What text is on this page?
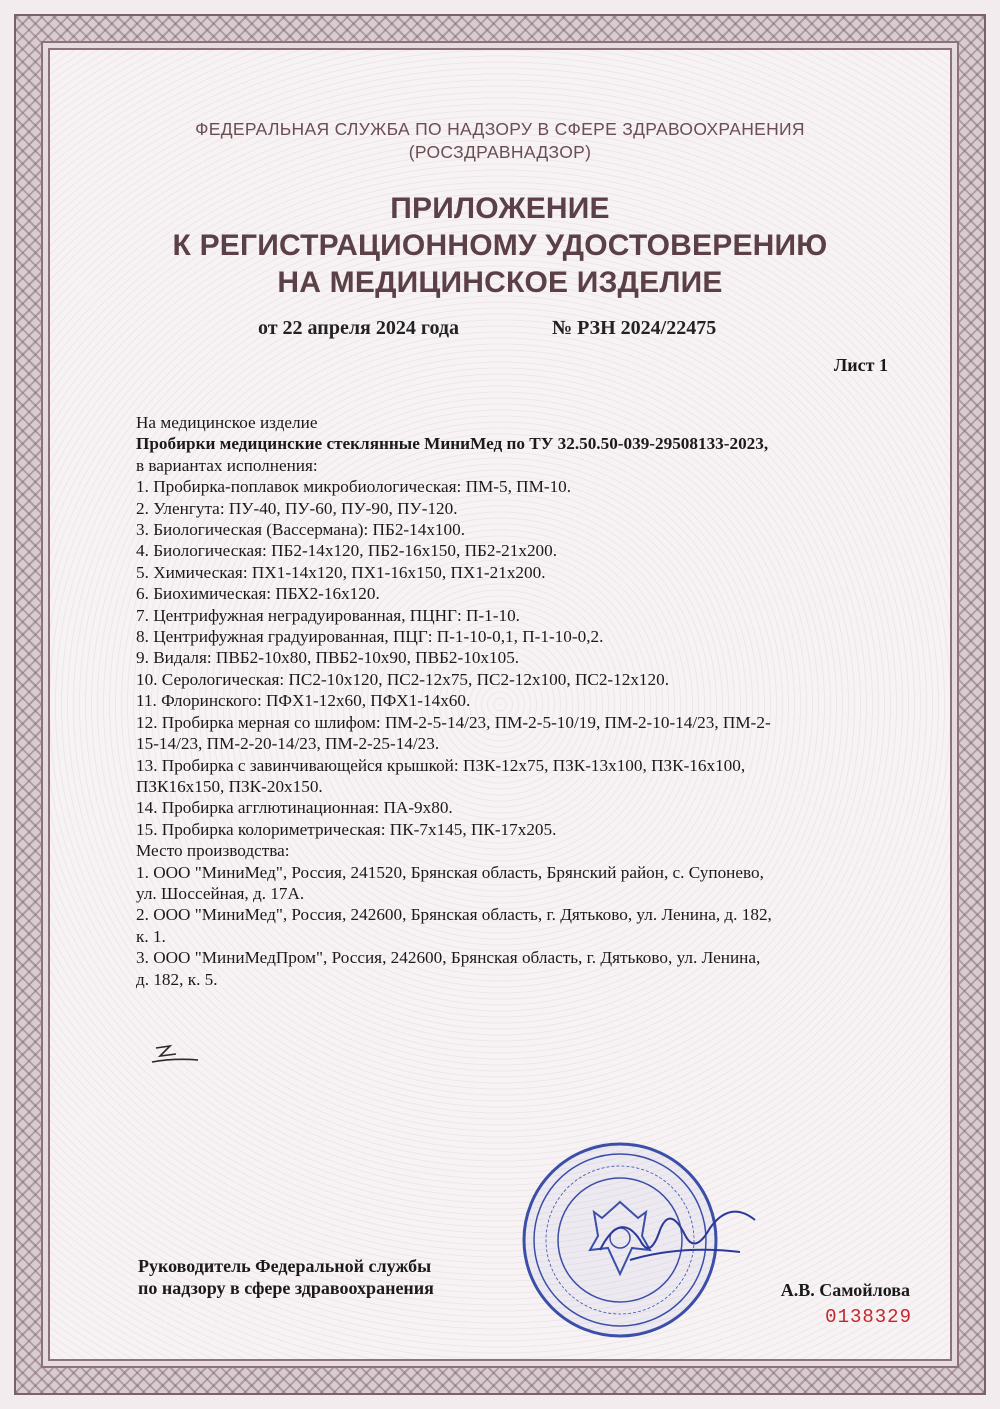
ФЕДЕРАЛЬНАЯ СЛУЖБА ПО НАДЗОРУ В СФЕРЕ ЗДРАВООХРАНЕНИЯ
(РОСЗДРАВНАДЗОР)
ПРИЛОЖЕНИЕ
К РЕГИСТРАЦИОННОМУ УДОСТОВЕРЕНИЮ
НА МЕДИЦИНСКОЕ ИЗДЕЛИЕ
от 22 апреля 2024 года	№ РЗН 2024/22475
Лист 1
На медицинское изделие
Пробирки медицинские стеклянные МиниМед по ТУ 32.50.50-039-29508133-2023,
в вариантах исполнения:
1. Пробирка-поплавок микробиологическая: ПМ-5, ПМ-10.
2. Уленгута: ПУ-40, ПУ-60, ПУ-90, ПУ-120.
3. Биологическая (Вассермана): ПБ2-14х100.
4. Биологическая: ПБ2-14х120, ПБ2-16х150, ПБ2-21х200.
5. Химическая: ПХ1-14х120, ПХ1-16х150, ПХ1-21х200.
6. Биохимическая: ПБХ2-16х120.
7. Центрифужная неградуированная, ПЦНГ: П-1-10.
8. Центрифужная градуированная, ПЦГ: П-1-10-0,1, П-1-10-0,2.
9. Видаля: ПВБ2-10х80, ПВБ2-10х90, ПВБ2-10х105.
10. Серологическая: ПС2-10х120, ПС2-12х75, ПС2-12х100, ПС2-12х120.
11. Флоринского: ПФХ1-12х60, ПФХ1-14х60.
12. Пробирка мерная со шлифом: ПМ-2-5-14/23, ПМ-2-5-10/19, ПМ-2-10-14/23, ПМ-2-
15-14/23, ПМ-2-20-14/23, ПМ-2-25-14/23.
13. Пробирка с завинчивающейся крышкой: ПЗК-12х75, ПЗК-13х100, ПЗК-16х100,
ПЗК16х150, ПЗК-20х150.
14. Пробирка агглютинационная: ПА-9х80.
15. Пробирка колориметрическая: ПК-7х145, ПК-17х205.
Место производства:
1. ООО "МиниМед", Россия, 241520, Брянская область, Брянский район, с. Супонево,
ул. Шоссейная, д. 17А.
2. ООО "МиниМед", Россия, 242600, Брянская область, г. Дятьково, ул. Ленина, д. 182,
к. 1.
3. ООО "МиниМедПром", Россия, 242600, Брянская область, г. Дятьково, ул. Ленина,
д. 182, к. 5.
Руководитель Федеральной службы
по надзору в сфере здравоохранения	А.В. Самойлова
0138329
